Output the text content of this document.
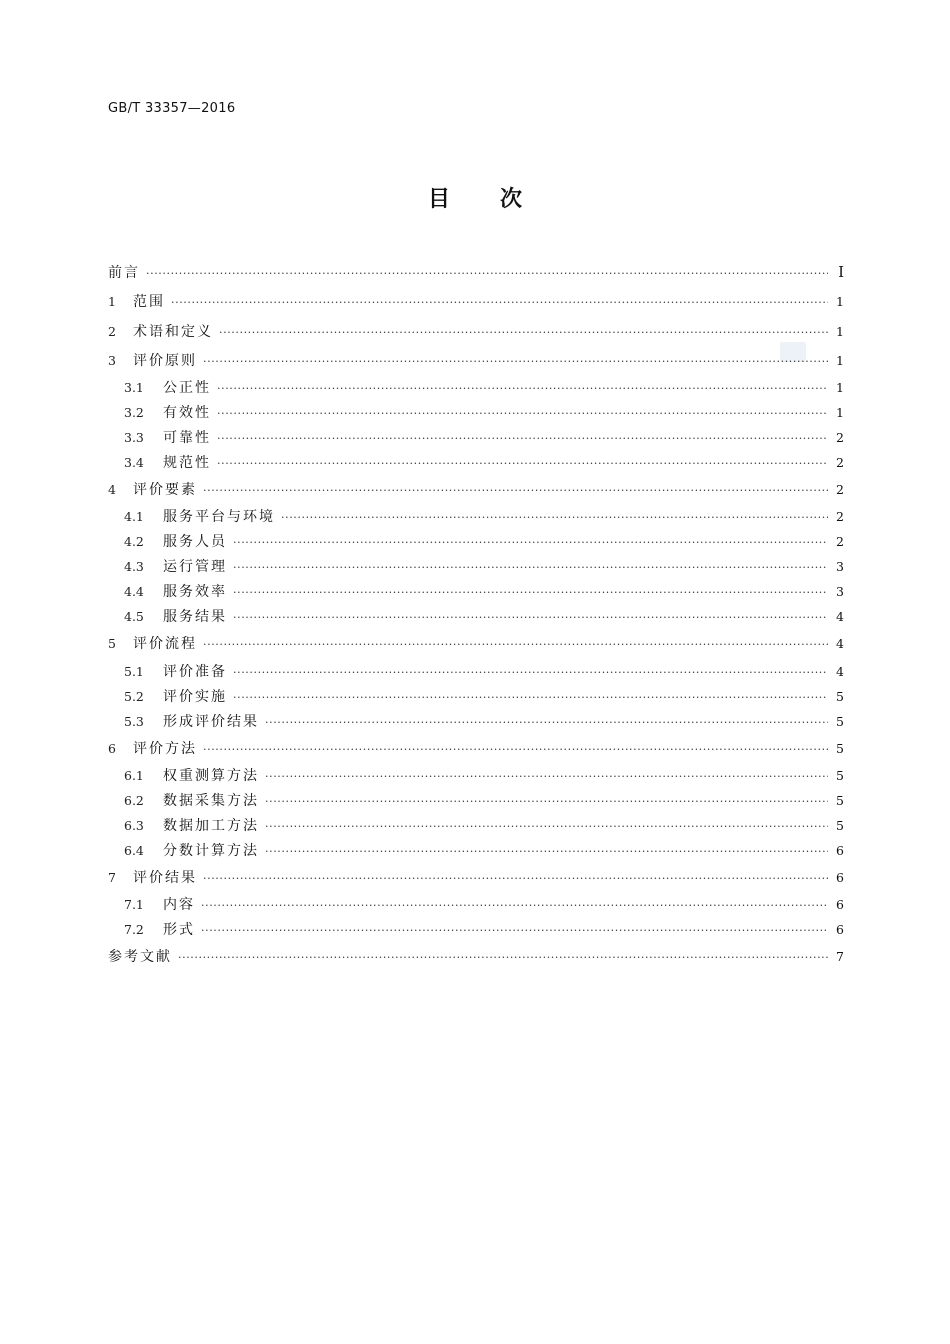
GB/T 33357—2016
目次
前言 ·····	Ⅰ
1	范围 ·····	1
2	术语和定义 ·····	1
3	评价原则 ·····	1
3.1	公正性 ·····	1
3.2	有效性 ·····	1
3.3	可靠性 ·····	2
3.4	规范性 ·····	2
4	评价要素 ·····	2
4.1	服务平台与环境 ·····	2
4.2	服务人员 ·····	2
4.3	运行管理 ·····	3
4.4	服务效率 ·····	3
4.5	服务结果 ·····	4
5	评价流程 ·····	4
5.1	评价准备 ·····	4
5.2	评价实施 ·····	5
5.3	形成评价结果 ·····	5
6	评价方法 ·····	5
6.1	权重测算方法 ·····	5
6.2	数据采集方法 ·····	5
6.3	数据加工方法 ·····	5
6.4	分数计算方法 ·····	6
7	评价结果 ·····	6
7.1	内容 ·····	6
7.2	形式 ·····	6
参考文献 ·····	7
